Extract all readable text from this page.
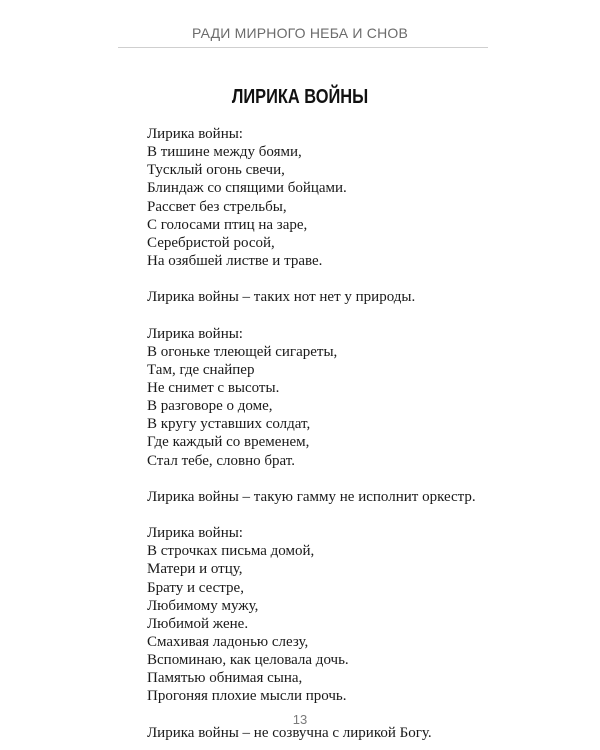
РАДИ МИРНОГО НЕБА И СНОВ
ЛИРИКА ВОЙНЫ
Лирика войны:
В тишине между боями,
Тусклый огонь свечи,
Блиндаж со спящими бойцами.
Рассвет без стрельбы,
С голосами птиц на заре,
Серебристой росой,
На озябшей листве и траве.
Лирика войны – таких нот нет у природы.
Лирика войны:
В огоньке тлеющей сигареты,
Там, где снайпер
Не снимет с высоты.
В разговоре о доме,
В кругу уставших солдат,
Где каждый со временем,
Стал тебе, словно брат.
Лирика войны – такую гамму не исполнит оркестр.
Лирика войны:
В строчках письма домой,
Матери и отцу,
Брату и сестре,
Любимому мужу,
Любимой жене.
Смахивая ладонью слезу,
Вспоминаю, как целовала дочь.
Памятью обнимая сына,
Прогоняя плохие мысли прочь.
Лирика войны – не созвучна с лирикой Богу.
13
